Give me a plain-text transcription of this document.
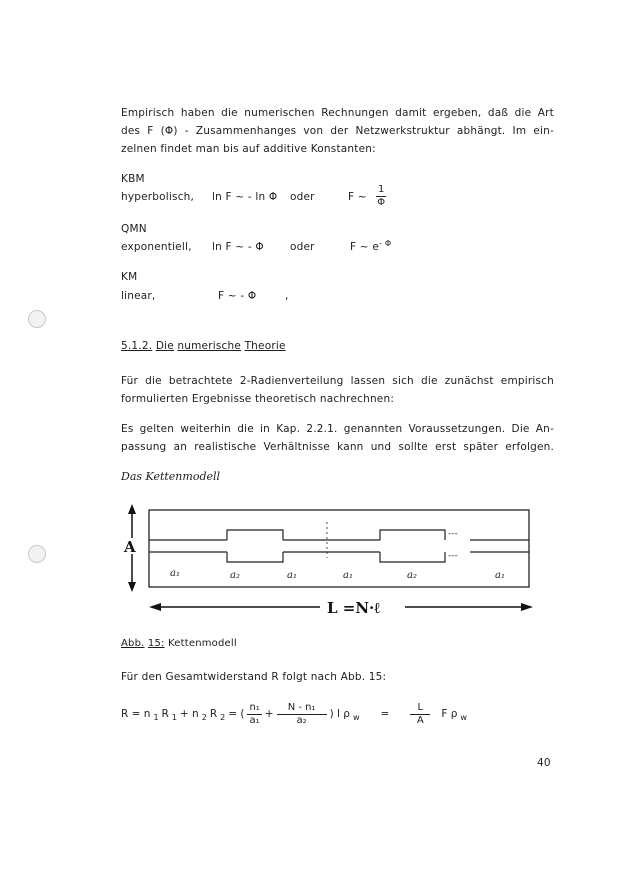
Empirisch haben die numerischen Rechnungen damit ergeben, daß die Art
des F (Φ) - Zusammenhanges von der Netzwerkstruktur abhängt. Im ein-
zelnen findet man bis auf additive Konstanten:
KBM
hyperbolisch, ln F ~ - ln Φ oder	F ~ $\frac{1}{\Phi}$
QMN
exponentiell, ln F ~ - Φ oder	F ~ $e^{- \Phi}$
KM
linear,	F ~ - Φ	,
5.1.2. Die numerische Theorie
Für die betrachtete 2-Radienverteilung lassen sich die zunächst empirisch
formulierten Ergebnisse theoretisch nachrechnen:
Es gelten weiterhin die in Kap. 2.2.1. genannten Voraussetzungen. Die An-
passung an realistische Verhältnisse kann und sollte erst später erfolgen.
Das Kettenmodell
---
---
A
a₁	a₂	a₁	a₁	a₂	a₁
L =N·ℓ
Abb. 15: Kettenmodell
Für den Gesamtwiderstand R folgt nach Abb. 15:
R = n 1 R 1 + n 2 R 2 = ( $\frac{\text{n₁}}{\text{a₁}} + \frac{\text{N - n₁}}{\text{a₂}}$ ) l ρ $w = \frac{L}{A}$ F ρ w
40
